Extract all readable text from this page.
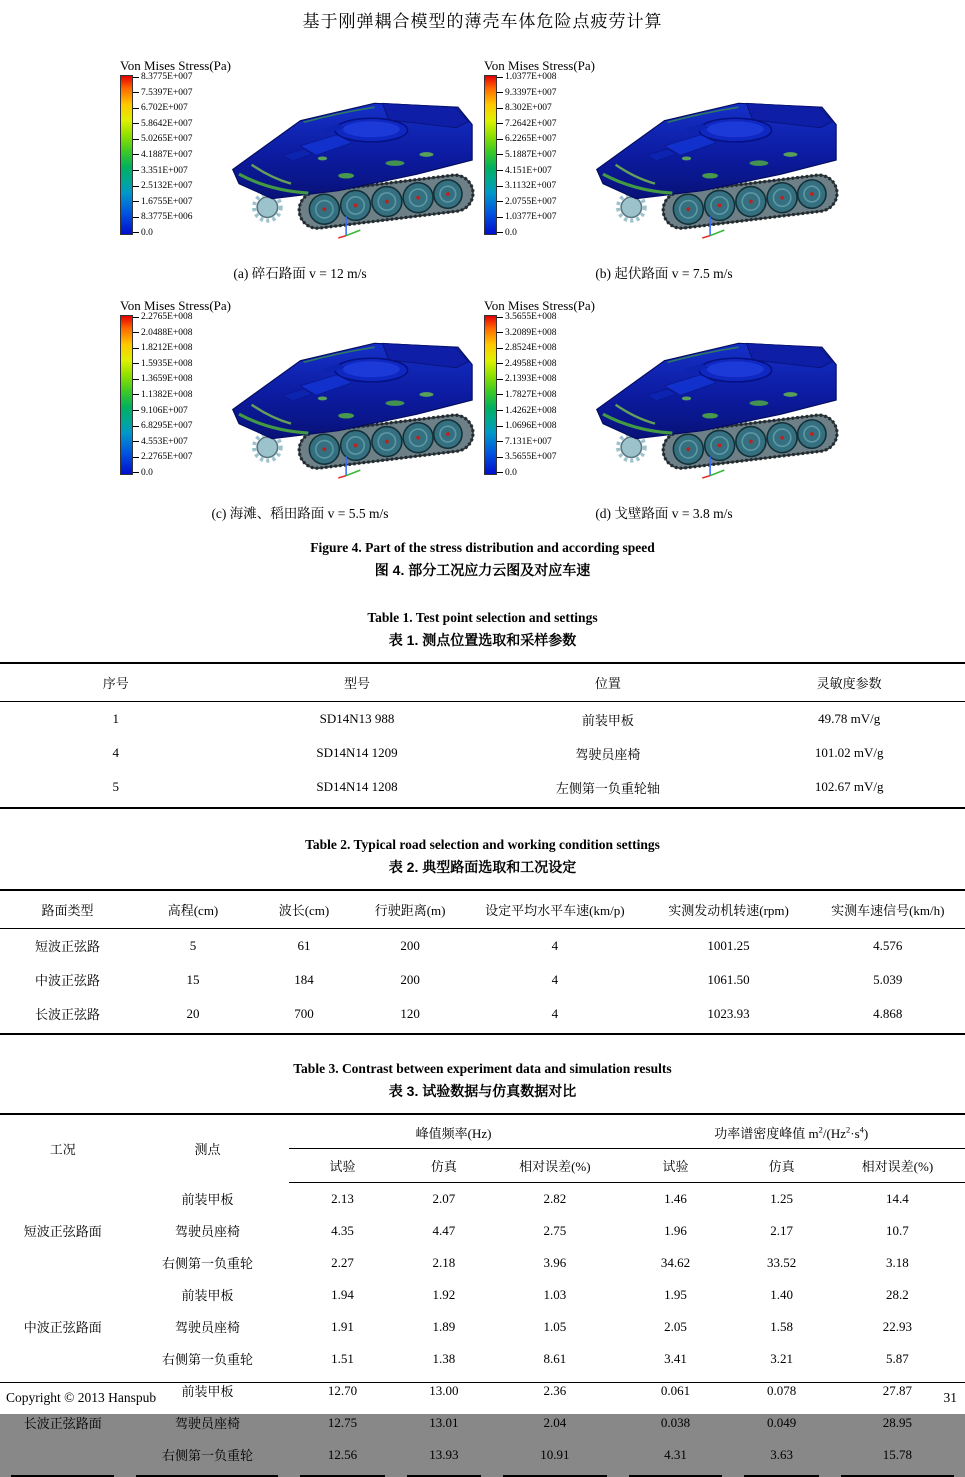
基于刚弹耦合模型的薄壳车体危险点疲劳计算
Von Mises Stress(Pa)
8.3775E+007
7.5397E+007
6.702E+007
5.8642E+007
5.0265E+007
4.1887E+007
3.351E+007
2.5132E+007
1.6755E+007
8.3775E+006
0.0
Von Mises Stress(Pa)
1.0377E+008
9.3397E+007
8.302E+007
7.2642E+007
6.2265E+007
5.1887E+007
4.151E+007
3.1132E+007
2.0755E+007
1.0377E+007
0.0
(a) 碎石路面 v = 12 m/s	(b) 起伏路面 v = 7.5 m/s
Von Mises Stress(Pa)
2.2765E+008
2.0488E+008
1.8212E+008
1.5935E+008
1.3659E+008
1.1382E+008
9.106E+007
6.8295E+007
4.553E+007
2.2765E+007
0.0
Von Mises Stress(Pa)
3.5655E+008
3.2089E+008
2.8524E+008
2.4958E+008
2.1393E+008
1.7827E+008
1.4262E+008
1.0696E+008
7.131E+007
3.5655E+007
0.0
(c) 海滩、稻田路面 v = 5.5 m/s	(d) 戈壁路面 v = 3.8 m/s
Figure 4. Part of the stress distribution and according speed
图 4. 部分工况应力云图及对应车速
Table 1. Test point selection and settings
表 1. 测点位置选取和采样参数
序号	型号	位置	灵敏度参数
1	SD14N13 988	前装甲板	49.78 mV/g
4	SD14N14 1209	驾驶员座椅	101.02 mV/g
5	SD14N14 1208	左侧第一负重轮轴	102.67 mV/g
Table 2. Typical road selection and working condition settings
表 2. 典型路面选取和工况设定
路面类型	高程(cm)	波长(cm)	行驶距离(m)	设定平均水平车速(km/p)	实测发动机转速(rpm)	实测车速信号(km/h)
短波正弦路	5	61	200	4	1001.25	4.576
中波正弦路	15	184	200	4	1061.50	5.039
长波正弦路	20	700	120	4	1023.93	4.868
Table 3. Contrast between experiment data and simulation results
表 3. 试验数据与仿真数据对比
工况	测点	峰值频率(Hz)			功率谱密度峰值 $m^2/(Hz^2\cdot s^4)$		
		试验	仿真	相对误差(%)	试验	仿真	相对误差(%)
短波正弦路面	前装甲板	2.13	2.07	2.82	1.46	1.25	14.4
	驾驶员座椅	4.35	4.47	2.75	1.96	2.17	10.7
	右侧第一负重轮	2.27	2.18	3.96	34.62	33.52	3.18
中波正弦路面	前装甲板	1.94	1.92	1.03	1.95	1.40	28.2
	驾驶员座椅	1.91	1.89	1.05	2.05	1.58	22.93
	右侧第一负重轮	1.51	1.38	8.61	3.41	3.21	5.87
长波正弦路面	前装甲板	12.70	13.00	2.36	0.061	0.078	27.87
	驾驶员座椅	12.75	13.01	2.04	0.038	0.049	28.95
	右侧第一负重轮	12.56	13.93	10.91	4.31	3.63	15.78

Copyright © 2013 Hanspub	31
